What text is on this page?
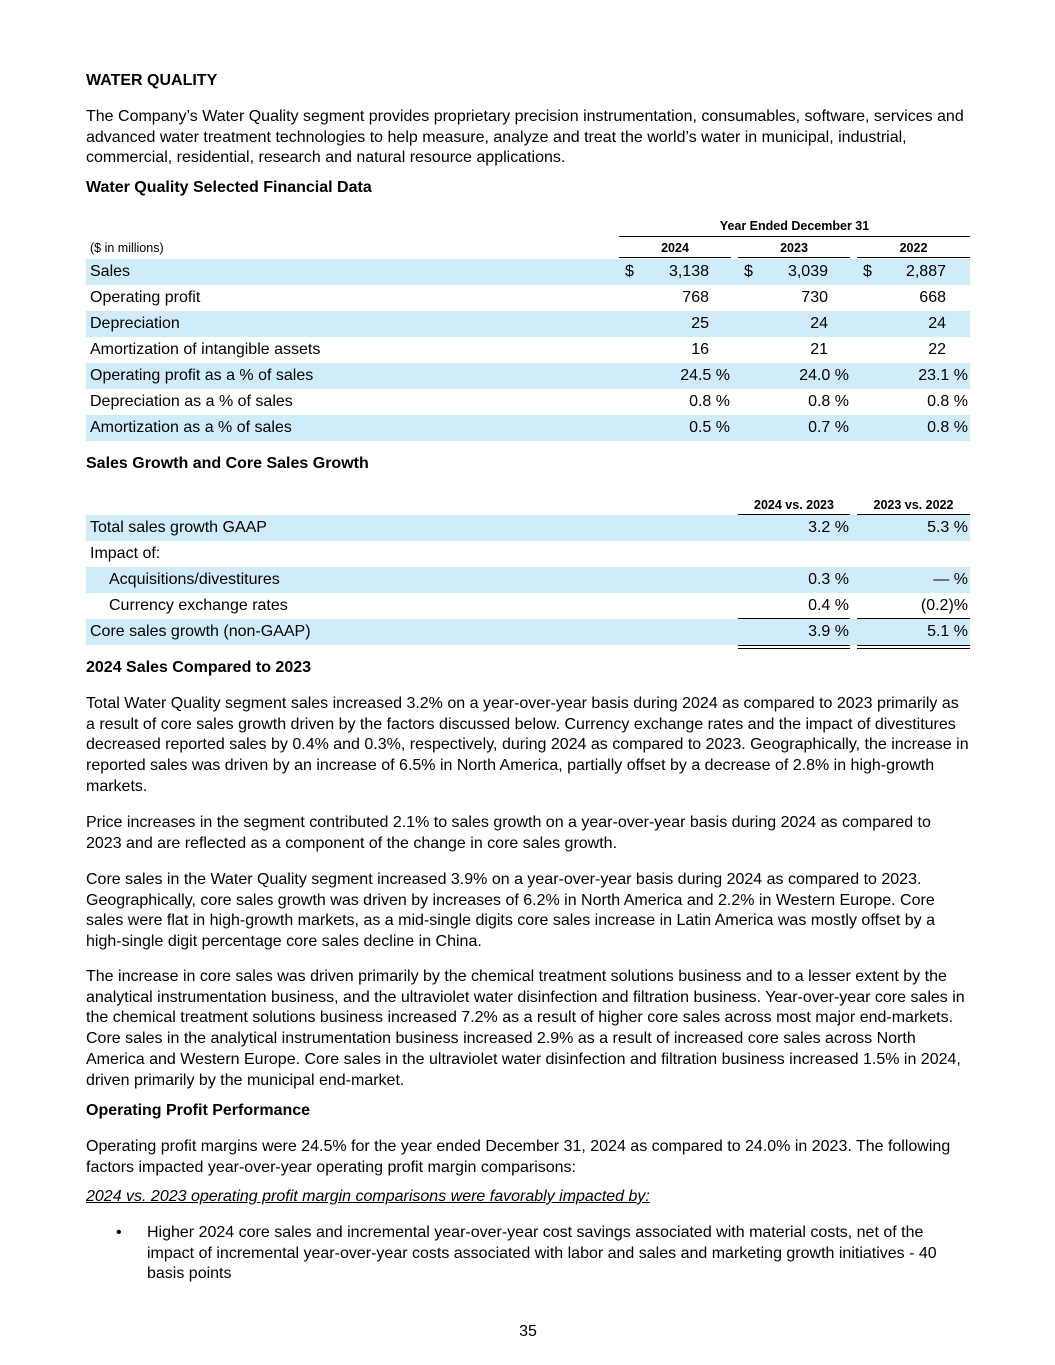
WATER QUALITY
The Company’s Water Quality segment provides proprietary precision instrumentation, consumables, software, services and advanced water treatment technologies to help measure, analyze and treat the world’s water in municipal, industrial, commercial, residential, research and natural resource applications.
Water Quality Selected Financial Data
Year Ended December 31
($ in millions)	2024	2023	2022
Sales	$ 3,138 $ 3,039 $ 2,887
Operating profit	768	730	668
Depreciation	25	24	24
Amortization of intangible assets	16	21	22
Operating profit as a % of sales	24.5 %	24.0 %	23.1 %
Depreciation as a % of sales	0.8 %	0.8 %	0.8 %
Amortization as a % of sales	0.5 %	0.7 %	0.8 %
Sales Growth and Core Sales Growth
2024 vs. 2023	2023 vs. 2022
Total sales growth GAAP	3.2 %	5.3 %
Impact of:
Acquisitions/divestitures	0.3 %	— %
Currency exchange rates	0.4 %	(0.2)%
Core sales growth (non-GAAP)	3.9 %	5.1 %
2024 Sales Compared to 2023
Total Water Quality segment sales increased 3.2% on a year-over-year basis during 2024 as compared to 2023 primarily as a result of core sales growth driven by the factors discussed below. Currency exchange rates and the impact of divestitures decreased reported sales by 0.4% and 0.3%, respectively, during 2024 as compared to 2023. Geographically, the increase in reported sales was driven by an increase of 6.5% in North America, partially offset by a decrease of 2.8% in high-growth markets.
Price increases in the segment contributed 2.1% to sales growth on a year-over-year basis during 2024 as compared to 2023 and are reflected as a component of the change in core sales growth.
Core sales in the Water Quality segment increased 3.9% on a year-over-year basis during 2024 as compared to 2023. Geographically, core sales growth was driven by increases of 6.2% in North America and 2.2% in Western Europe. Core sales were flat in high-growth markets, as a mid-single digits core sales increase in Latin America was mostly offset by a high-single digit percentage core sales decline in China.
The increase in core sales was driven primarily by the chemical treatment solutions business and to a lesser extent by the analytical instrumentation business, and the ultraviolet water disinfection and filtration business. Year-over-year core sales in the chemical treatment solutions business increased 7.2% as a result of higher core sales across most major end-markets. Core sales in the analytical instrumentation business increased 2.9% as a result of increased core sales across North America and Western Europe. Core sales in the ultraviolet water disinfection and filtration business increased 1.5% in 2024, driven primarily by the municipal end-market.
Operating Profit Performance
Operating profit margins were 24.5% for the year ended December 31, 2024 as compared to 24.0% in 2023. The following factors impacted year-over-year operating profit margin comparisons:
2024 vs. 2023 operating profit margin comparisons were favorably impacted by:
• Higher 2024 core sales and incremental year-over-year cost savings associated with material costs, net of the impact of incremental year-over-year costs associated with labor and sales and marketing growth initiatives - 40 basis points
35
